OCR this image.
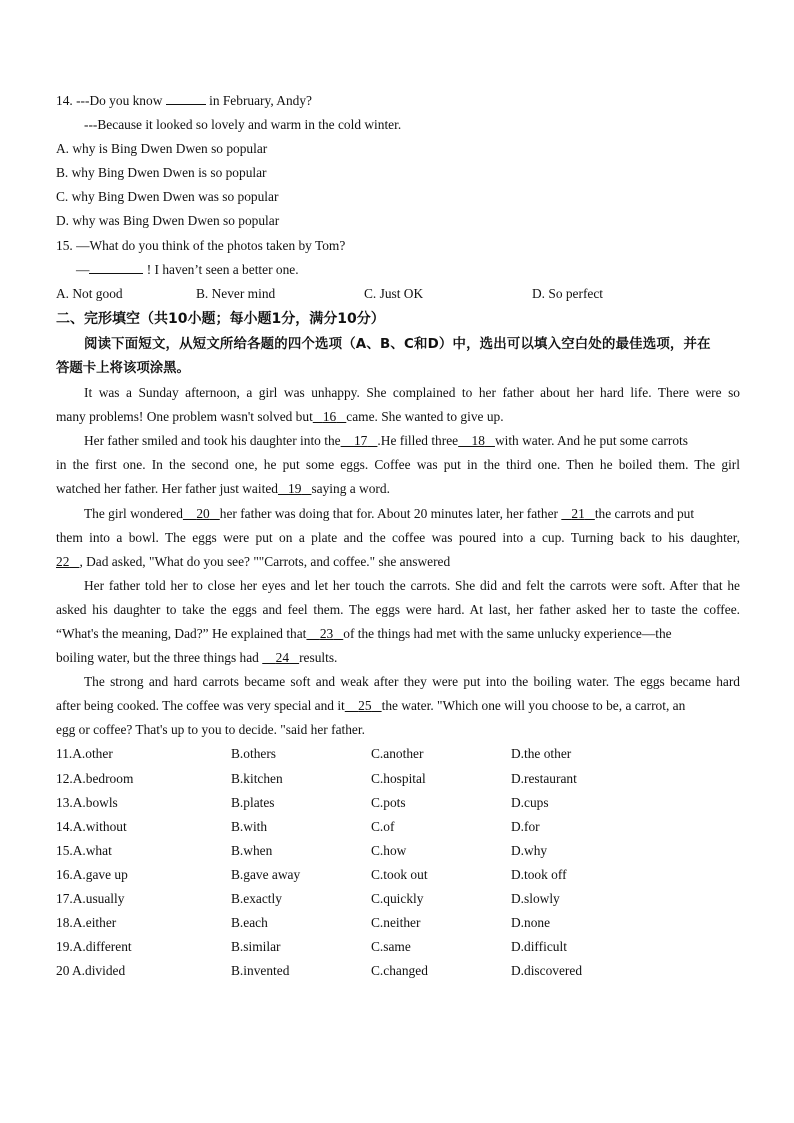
14. ---Do you know	in February, Andy?
---Because it looked so lovely and warm in the cold winter.
A. why is Bing Dwen Dwen so popular
B. why Bing Dwen Dwen is so popular
C. why Bing Dwen Dwen was so popular
D. why was Bing Dwen Dwen so popular
15. —What do you think of the photos taken by Tom?
—	! I haven’t seen a better one.
A. Not good	B. Never mind	C. Just OK	D. So perfect
二、完形填空（共10小题；每小题1分，满分10分）
阅读下面短文，从短文所给各题的四个选项（A、B、C和D）中，选出可以填入空白处的最佳选项，并在
答题卡上将该项涂黑。
It was a Sunday afternoon, a girl was unhappy. She complained to her father about her hard life. There were so
many problems! One problem wasn't solved but 16 came. She wanted to give up.
Her father smiled and took his daughter into the 17 .He filled three 18 with water. And he put some carrots
in the first one. In the second one, he put some eggs. Coffee was put in the third one. Then he boiled them. The girl
watched her father. Her father just waited 19 saying a word.
The girl wondered 20 her father was doing that for. About 20 minutes later, her father 21 the carrots and put
them into a bowl. The eggs were put on a plate and the coffee was poured into a cup. Turning back to his daughter,
22 , Dad asked, "What do you see? ""Carrots, and coffee." she answered
Her father told her to close her eyes and let her touch the carrots. She did and felt the carrots were soft. After that he
asked his daughter to take the eggs and feel them. The eggs were hard. At last, her father asked her to taste the coffee.
“What's the meaning, Dad?” He explained that 23 of the things had met with the same unlucky experience—the
boiling water, but the three things had 24 results.
The strong and hard carrots became soft and weak after they were put into the boiling water. The eggs became hard
after being cooked. The coffee was very special and it 25 the water. "Which one will you choose to be, a carrot, an
egg or coffee? That's up to you to decide. "said her father.
11.A.other	B.others	C.another	D.the other
12.A.bedroom	B.kitchen	C.hospital	D.restaurant
13.A.bowls	B.plates	C.pots	D.cups
14.A.without	B.with	C.of	D.for
15.A.what	B.when	C.how	D.why
16.A.gave up	B.gave away	C.took out	D.took off
17.A.usually	B.exactly	C.quickly	D.slowly
18.A.either	B.each	C.neither	D.none
19.A.different	B.similar	C.same	D.difficult
20 A.divided	B.invented	C.changed	D.discovered
